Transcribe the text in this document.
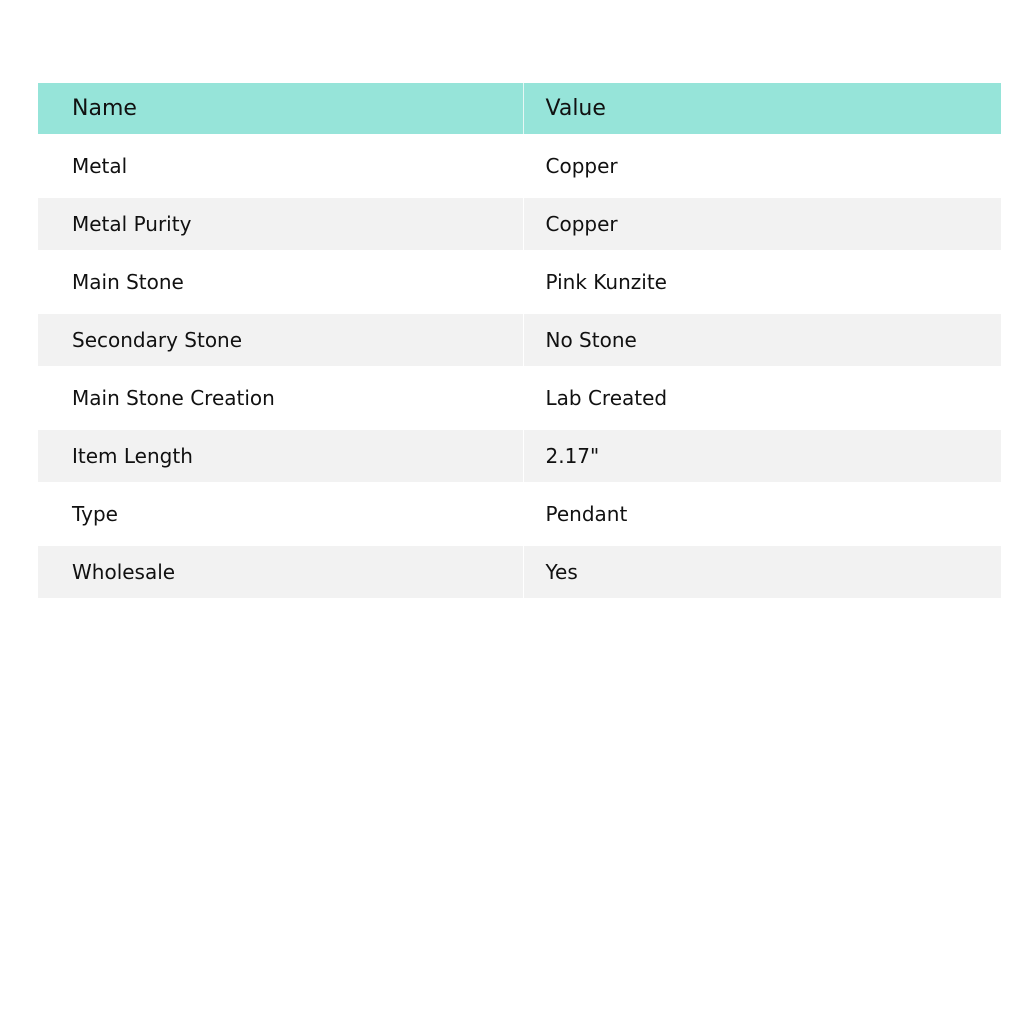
Name	Value
Metal	Copper
Metal Purity	Copper
Main Stone	Pink Kunzite
Secondary Stone	No Stone
Main Stone Creation	Lab Created
Item Length	2.17"
Type	Pendant
Wholesale	Yes
